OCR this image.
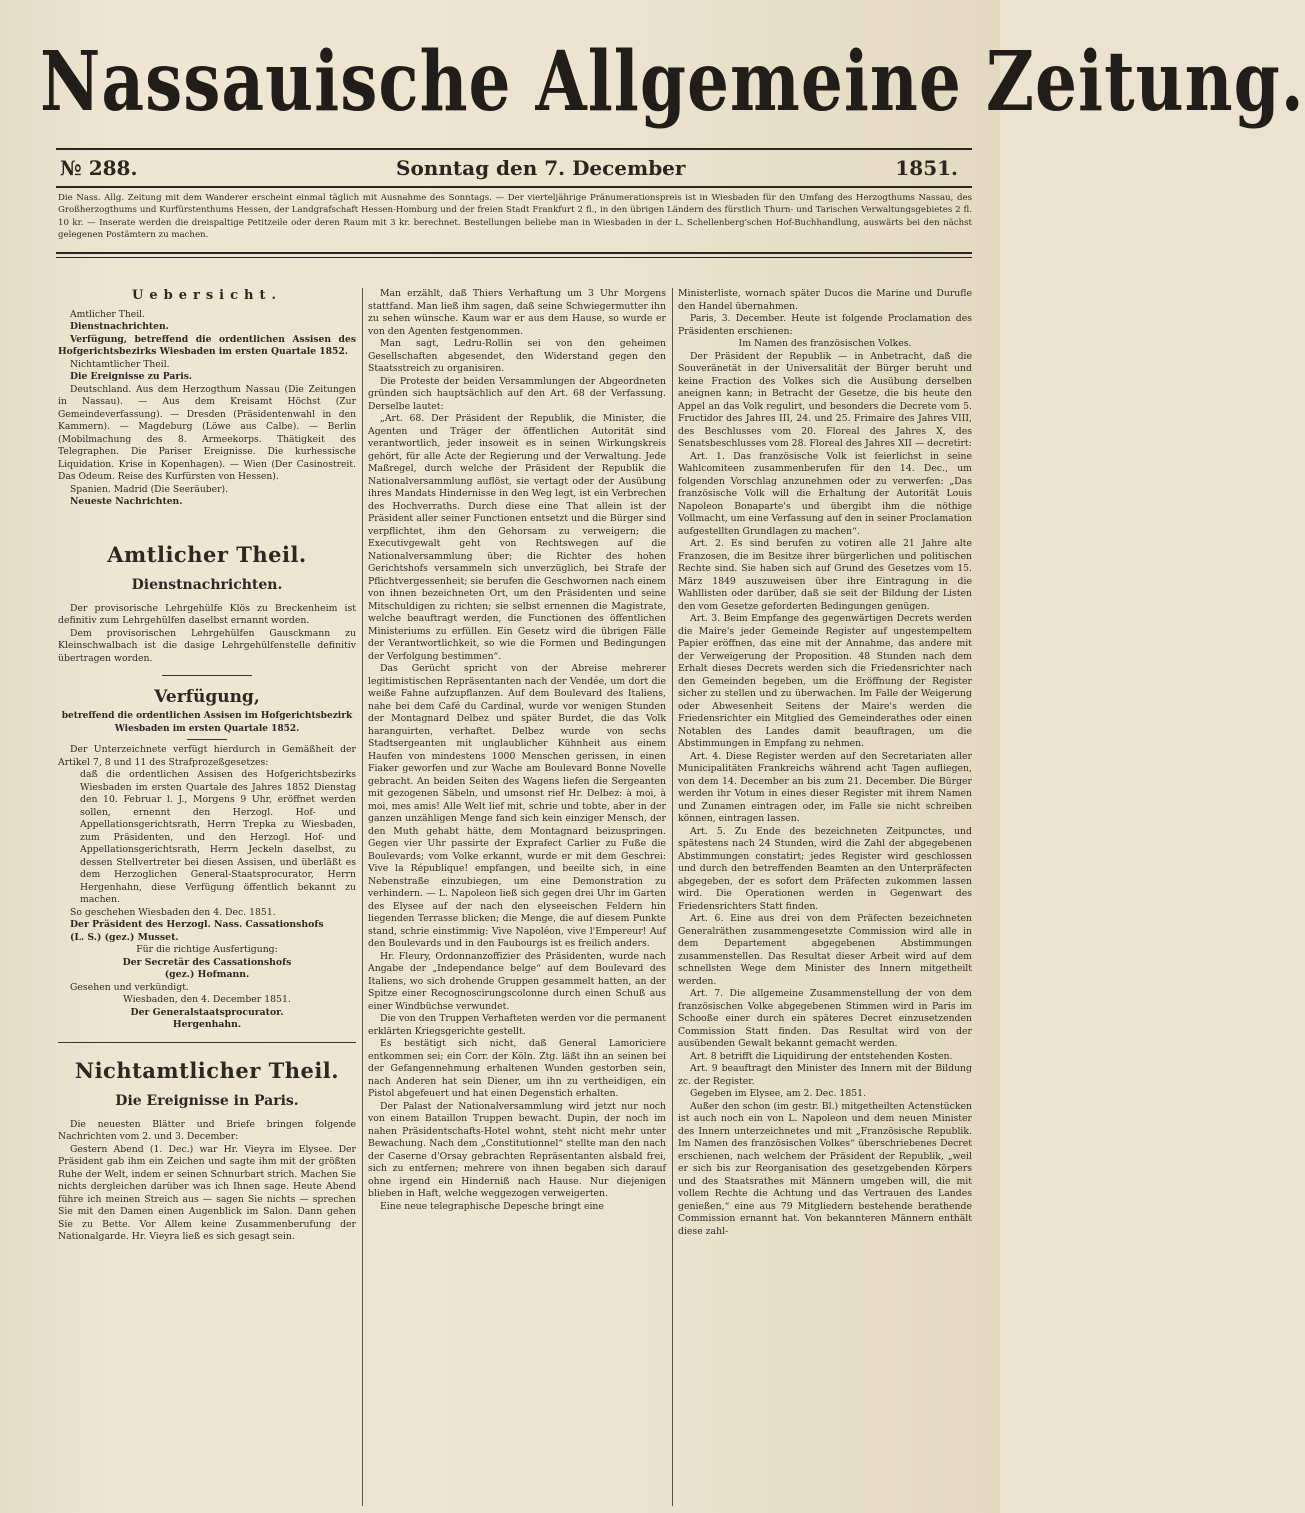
Nassauische Allgemeine Zeitung.
№ 288.	Sonntag den 7. December	1851.
Die Nass. Allg. Zeitung mit dem Wanderer erscheint einmal täglich mit Ausnahme des Sonntags. — Der vierteljährige Pränumerationspreis ist in Wiesbaden für den Umfang des Herzogthums Nassau, des Großherzogthums und Kurfürstenthums Hessen, der Landgrafschaft Hessen-Homburg und der freien Stadt Frankfurt 2 fl., in den übrigen Ländern des fürstlich Thurn- und Tarischen Verwaltungsgebietes 2 fl. 10 kr. — Inserate werden die dreispaltige Petitzeile oder deren Raum mit 3 kr. berechnet. Bestellungen beliebe man in Wiesbaden in der L. Schellenberg'schen Hof-Buchhandlung, auswärts bei den nächst gelegenen Postämtern zu machen.
Uebersicht.

Amtlicher Theil.

Dienstnachrichten.

Verfügung, betreffend die ordentlichen Assisen des Hofgerichtsbezirks Wiesbaden im ersten Quartale 1852.

Nichtamtlicher Theil.

Die Ereignisse zu Paris.

Deutschland. Aus dem Herzogthum Nassau (Die Zeitungen in Nassau). — Aus dem Kreisamt Höchst (Zur Gemeindeverfassung). — Dresden (Präsidentenwahl in den Kammern). — Magdeburg (Löwe aus Calbe). — Berlin (Mobilmachung des 8. Armeekorps. Thätigkeit des Telegraphen. Die Pariser Ereignisse. Die kurhessische Liquidation. Krise in Kopenhagen). — Wien (Der Casinostreit. Das Odeum. Reise des Kurfürsten von Hessen).

Spanien. Madrid (Die Seeräuber).

Neueste Nachrichten.

Amtlicher Theil.
Dienstnachrichten.

Der provisorische Lehrgehülfe Klös zu Breckenheim ist definitiv zum Lehrgehülfen daselbst ernannt worden.

Dem provisorischen Lehrgehülfen Gausckmann zu Kleinschwalbach ist die dasige Lehrgehülfenstelle definitiv übertragen worden.

Verfügung,

betreffend die ordentlichen Assisen im Hofgerichtsbezirk Wiesbaden im ersten Quartale 1852.

Der Unterzeichnete verfügt hierdurch in Gemäßheit der Artikel 7, 8 und 11 des Strafprozeßgesetzes:

daß die ordentlichen Assisen des Hofgerichtsbezirks Wiesbaden im ersten Quartale des Jahres 1852 Dienstag den 10. Februar l. J., Morgens 9 Uhr, eröffnet werden sollen, ernennt den Herzogl. Hof- und Appellationsgerichtsrath, Herrn Trepka zu Wiesbaden, zum Präsidenten, und den Herzogl. Hof- und Appellationsgerichtsrath, Herrn Jeckeln daselbst, zu dessen Stellvertreter bei diesen Assisen, und überläßt es dem Herzoglichen General-Staatsprocurator, Herrn Hergenhahn, diese Verfügung öffentlich bekannt zu machen.

So geschehen Wiesbaden den 4. Dec. 1851.

Der Präsident des Herzogl. Nass. Cassationshofs

(L. S.) (gez.) Musset.

Für die richtige Ausfertigung:

Der Secretär des Cassationshofs

(gez.) Hofmann.

Gesehen und verkündigt.

Wiesbaden, den 4. December 1851.

Der Generalstaatsprocurator.

Hergenhahn.

Nichtamtlicher Theil.
Die Ereignisse in Paris.

Die neuesten Blätter und Briefe bringen folgende Nachrichten vom 2. und 3. December:

Gestern Abend (1. Dec.) war Hr. Vieyra im Elysee. Der Präsident gab ihm ein Zeichen und sagte ihm mit der größten Ruhe der Welt, indem er seinen Schnurbart strich. Machen Sie nichts dergleichen darüber was ich Ihnen sage. Heute Abend führe ich meinen Streich aus — sagen Sie nichts — sprechen Sie mit den Damen einen Augenblick im Salon. Dann gehen Sie zu Bette. Vor Allem keine Zusammenberufung der Nationalgarde. Hr. Vieyra ließ es sich gesagt sein.

Man erzählt, daß Thiers Verhaftung um 3 Uhr Morgens stattfand. Man ließ ihm sagen, daß seine Schwiegermutter ihn zu sehen wünsche. Kaum war er aus dem Hause, so wurde er von den Agenten festgenommen.

Man sagt, Ledru-Rollin sei von den geheimen Gesellschaften abgesendet, den Widerstand gegen den Staatsstreich zu organisiren.

Die Proteste der beiden Versammlungen der Abgeordneten gründen sich hauptsächlich auf den Art. 68 der Verfassung. Derselbe lautet:

„Art. 68. Der Präsident der Republik, die Minister, die Agenten und Träger der öffentlichen Autorität sind verantwortlich, jeder insoweit es in seinen Wirkungskreis gehört, für alle Acte der Regierung und der Verwaltung. Jede Maßregel, durch welche der Präsident der Republik die Nationalversammlung auflöst, sie vertagt oder der Ausübung ihres Mandats Hindernisse in den Weg legt, ist ein Verbrechen des Hochverraths. Durch diese eine That allein ist der Präsident aller seiner Functionen entsetzt und die Bürger sind verpflichtet, ihm den Gehorsam zu verweigern; die Executivgewalt geht von Rechtswegen auf die Nationalversammlung über; die Richter des hohen Gerichtshofs versammeln sich unverzüglich, bei Strafe der Pflichtvergessenheit; sie berufen die Geschwornen nach einem von ihnen bezeichneten Ort, um den Präsidenten und seine Mitschuldigen zu richten; sie selbst ernennen die Magistrate, welche beauftragt werden, die Functionen des öffentlichen Ministeriums zu erfüllen. Ein Gesetz wird die übrigen Fälle der Verantwortlichkeit, so wie die Formen und Bedingungen der Verfolgung bestimmen“.

Das Gerücht spricht von der Abreise mehrerer legitimistischen Repräsentanten nach der Vendée, um dort die weiße Fahne aufzupflanzen. Auf dem Boulevard des Italiens, nahe bei dem Café du Cardinal, wurde vor wenigen Stunden der Montagnard Delbez und später Burdet, die das Volk haranguirten, verhaftet. Delbez wurde von sechs Stadtsergeanten mit unglaublicher Kühnheit aus einem Haufen von mindestens 1000 Menschen gerissen, in einen Fiaker geworfen und zur Wache am Boulevard Bonne Novelle gebracht. An beiden Seiten des Wagens liefen die Sergeanten mit gezogenen Säbeln, und umsonst rief Hr. Delbez: à moi, à moi, mes amis! Alle Welt lief mit, schrie und tobte, aber in der ganzen unzähligen Menge fand sich kein einziger Mensch, der den Muth gehabt hätte, dem Montagnard beizuspringen. Gegen vier Uhr passirte der Exprafect Carlier zu Fuße die Boulevards; vom Volke erkannt, wurde er mit dem Geschrei: Vive la République! empfangen, und beeilte sich, in eine Nebenstraße einzubiegen, um eine Demonstration zu verhindern. — L. Napoleon ließ sich gegen drei Uhr im Garten des Elysee auf der nach den elyseeischen Feldern hin liegenden Terrasse blicken; die Menge, die auf diesem Punkte stand, schrie einstimmig: Vive Napoléon, vive l'Empereur! Auf den Boulevards und in den Faubourgs ist es freilich anders.

Hr. Fleury, Ordonnanzoffizier des Präsidenten, wurde nach Angabe der „Independance belge“ auf dem Boulevard des Italiens, wo sich drohende Gruppen gesammelt hatten, an der Spitze einer Recognoscirungscolonne durch einen Schuß aus einer Windbüchse verwundet.

Die von den Truppen Verhafteten werden vor die permanent erklärten Kriegsgerichte gestellt.

Es bestätigt sich nicht, daß General Lamoriciere entkommen sei; ein Corr. der Köln. Ztg. läßt ihn an seinen bei der Gefangennehmung erhaltenen Wunden gestorben sein, nach Anderen hat sein Diener, um ihn zu vertheidigen, ein Pistol abgefeuert und hat einen Degenstich erhalten.

Der Palast der Nationalversammlung wird jetzt nur noch von einem Bataillon Truppen bewacht. Dupin, der noch im nahen Präsidentschafts-Hotel wohnt, steht nicht mehr unter Bewachung. Nach dem „Constitutionnel“ stellte man den nach der Caserne d'Orsay gebrachten Repräsentanten alsbald frei, sich zu entfernen; mehrere von ihnen begaben sich darauf ohne irgend ein Hinderniß nach Hause. Nur diejenigen blieben in Haft, welche weggezogen verweigerten.

Eine neue telegraphische Depesche bringt eine

Ministerliste, wornach später Ducos die Marine und Durufle den Handel übernahmen.

Paris, 3. December. Heute ist folgende Proclamation des Präsidenten erschienen:

Im Namen des französischen Volkes.

Der Präsident der Republik — in Anbetracht, daß die Souveränetät in der Universalität der Bürger beruht und keine Fraction des Volkes sich die Ausübung derselben aneignen kann; in Betracht der Gesetze, die bis heute den Appel an das Volk regulirt, und besonders die Decrete vom 5. Fructidor des Jahres III, 24. und 25. Frimaire des Jahres VIII, des Beschlusses vom 20. Floreal des Jahres X, des Senatsbeschlusses vom 28. Floreal des Jahres XII — decretirt:

Art. 1. Das französische Volk ist feierlichst in seine Wahlcomiteen zusammenberufen für den 14. Dec., um folgenden Vorschlag anzunehmen oder zu verwerfen: „Das französische Volk will die Erhaltung der Autorität Louis Napoleon Bonaparte's und übergibt ihm die nöthige Vollmacht, um eine Verfassung auf den in seiner Proclamation aufgestellten Grundlagen zu machen“.

Art. 2. Es sind berufen zu votiren alle 21 Jahre alte Franzosen, die im Besitze ihrer bürgerlichen und politischen Rechte sind. Sie haben sich auf Grund des Gesetzes vom 15. März 1849 auszuweisen über ihre Eintragung in die Wahllisten oder darüber, daß sie seit der Bildung der Listen den vom Gesetze geforderten Bedingungen genügen.

Art. 3. Beim Empfange des gegenwärtigen Decrets werden die Maire's jeder Gemeinde Register auf ungestempeltem Papier eröffnen, das eine mit der Annahme, das andere mit der Verweigerung der Proposition. 48 Stunden nach dem Erhalt dieses Decrets werden sich die Friedensrichter nach den Gemeinden begeben, um die Eröffnung der Register sicher zu stellen und zu überwachen. Im Falle der Weigerung oder Abwesenheit Seitens der Maire's werden die Friedensrichter ein Mitglied des Gemeinderathes oder einen Notablen des Landes damit beauftragen, um die Abstimmungen in Empfang zu nehmen.

Art. 4. Diese Register werden auf den Secretariaten aller Municipalitäten Frankreichs während acht Tagen aufliegen, von dem 14. December an bis zum 21. December. Die Bürger werden ihr Votum in eines dieser Register mit ihrem Namen und Zunamen eintragen oder, im Falle sie nicht schreiben können, eintragen lassen.

Art. 5. Zu Ende des bezeichneten Zeitpunctes, und spätestens nach 24 Stunden, wird die Zahl der abgegebenen Abstimmungen constatirt; jedes Register wird geschlossen und durch den betreffenden Beamten an den Unterpräfecten abgegeben, der es sofort dem Präfecten zukommen lassen wird. Die Operationen werden in Gegenwart des Friedensrichters Statt finden.

Art. 6. Eine aus drei von dem Präfecten bezeichneten Generalräthen zusammengesetzte Commission wird alle in dem Departement abgegebenen Abstimmungen zusammenstellen. Das Resultat dieser Arbeit wird auf dem schnellsten Wege dem Minister des Innern mitgetheilt werden.

Art. 7. Die allgemeine Zusammenstellung der von dem französischen Volke abgegebenen Stimmen wird in Paris im Schooße einer durch ein späteres Decret einzusetzenden Commission Statt finden. Das Resultat wird von der ausübenden Gewalt bekannt gemacht werden.

Art. 8 betrifft die Liquidirung der entstehenden Kosten.

Art. 9 beauftragt den Minister des Innern mit der Bildung zc. der Register.

Gegeben im Elysee, am 2. Dec. 1851.

Außer den schon (im gestr. Bl.) mitgetheilten Actenstücken ist auch noch ein von L. Napoleon und dem neuen Minister des Innern unterzeichnetes und mit „Französische Republik. Im Namen des französischen Volkes“ überschriebenes Decret erschienen, nach welchem der Präsident der Republik, „weil er sich bis zur Reorganisation des gesetzgebenden Körpers und des Staatsrathes mit Männern umgeben will, die mit vollem Rechte die Achtung und das Vertrauen des Landes genießen,“ eine aus 79 Mitgliedern bestehende berathende Commission ernannt hat. Von bekannteren Männern enthält diese zahl-
